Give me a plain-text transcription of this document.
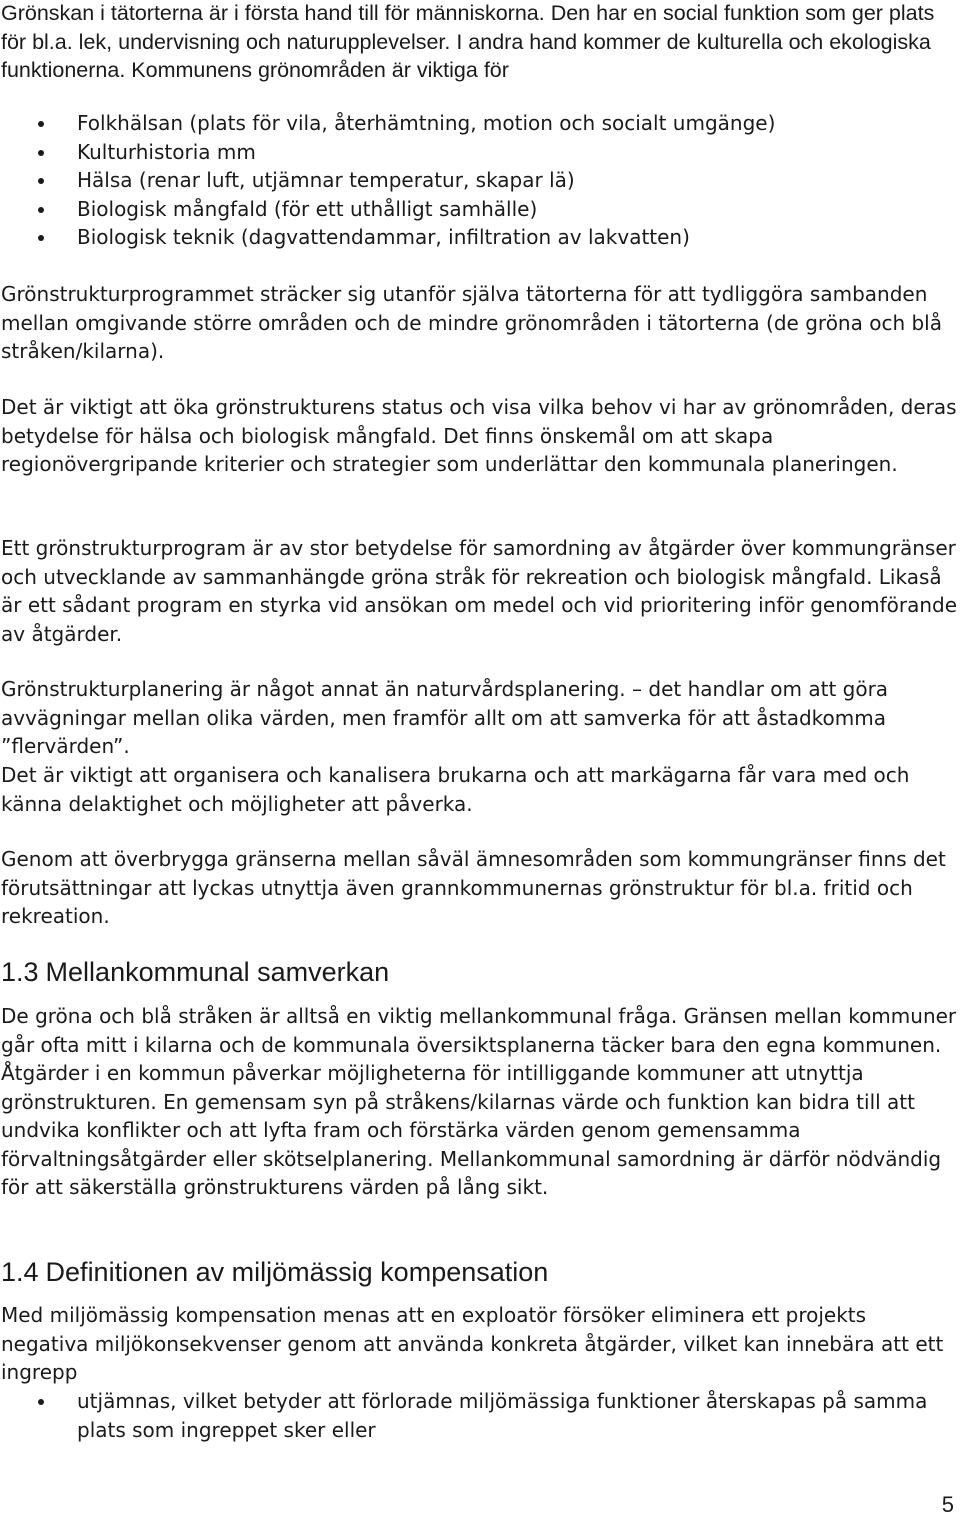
Grönskan i tätorterna är i första hand till för människorna. Den har en social funktion som ger plats för bl.a. lek, undervisning och naturupplevelser. I andra hand kommer de kulturella och ekologiska funktionerna. Kommunens grönområden är viktiga för

Folkhälsan (plats för vila, återhämtning, motion och socialt umgänge)
Kulturhistoria mm
Hälsa (renar luft, utjämnar temperatur, skapar lä)
Biologisk mångfald (för ett uthålligt samhälle)
Biologisk teknik (dagvattendammar, infiltration av lakvatten)

Grönstrukturprogrammet sträcker sig utanför själva tätorterna för att tydliggöra sambanden mellan omgivande större områden och de mindre grönområden i tätorterna (de gröna och blå stråken/kilarna).

Det är viktigt att öka grönstrukturens status och visa vilka behov vi har av grönområden, deras betydelse för hälsa och biologisk mångfald. Det finns önskemål om att skapa regionövergripande kriterier och strategier som underlättar den kommunala planeringen.

Ett grönstrukturprogram är av stor betydelse för samordning av åtgärder över kommungränser och utvecklande av sammanhängde gröna stråk för rekreation och biologisk mångfald. Likaså är ett sådant program en styrka vid ansökan om medel och vid prioritering inför genomförande av åtgärder.

Grönstrukturplanering är något annat än naturvårdsplanering. – det handlar om att göra avvägningar mellan olika värden, men framför allt om att samverka för att åstadkomma ”flervärden”.

Det är viktigt att organisera och kanalisera brukarna och att markägarna får vara med och känna delaktighet och möjligheter att påverka.

Genom att överbrygga gränserna mellan såväl ämnesområden som kommungränser finns det förutsättningar att lyckas utnyttja även grannkommunernas grönstruktur för bl.a. fritid och rekreation.

1.3 Mellankommunal samverkan

De gröna och blå stråken är alltså en viktig mellankommunal fråga. Gränsen mellan kommuner går ofta mitt i kilarna och de kommunala översiktsplanerna täcker bara den egna kommunen. Åtgärder i en kommun påverkar möjligheterna för intilliggande kommuner att utnyttja grönstrukturen. En gemensam syn på stråkens/kilarnas värde och funktion kan bidra till att undvika konflikter och att lyfta fram och förstärka värden genom gemensamma förvaltningsåtgärder eller skötselplanering. Mellankommunal samordning är därför nödvändig för att säkerställa grönstrukturens värden på lång sikt.

1.4 Definitionen av miljömässig kompensation

Med miljömässig kompensation menas att en exploatör försöker eliminera ett projekts negativa miljökonsekvenser genom att använda konkreta åtgärder, vilket kan innebära att ett ingrepp

utjämnas, vilket betyder att förlorade miljömässiga funktioner återskapas på samma plats som ingreppet sker eller
5
